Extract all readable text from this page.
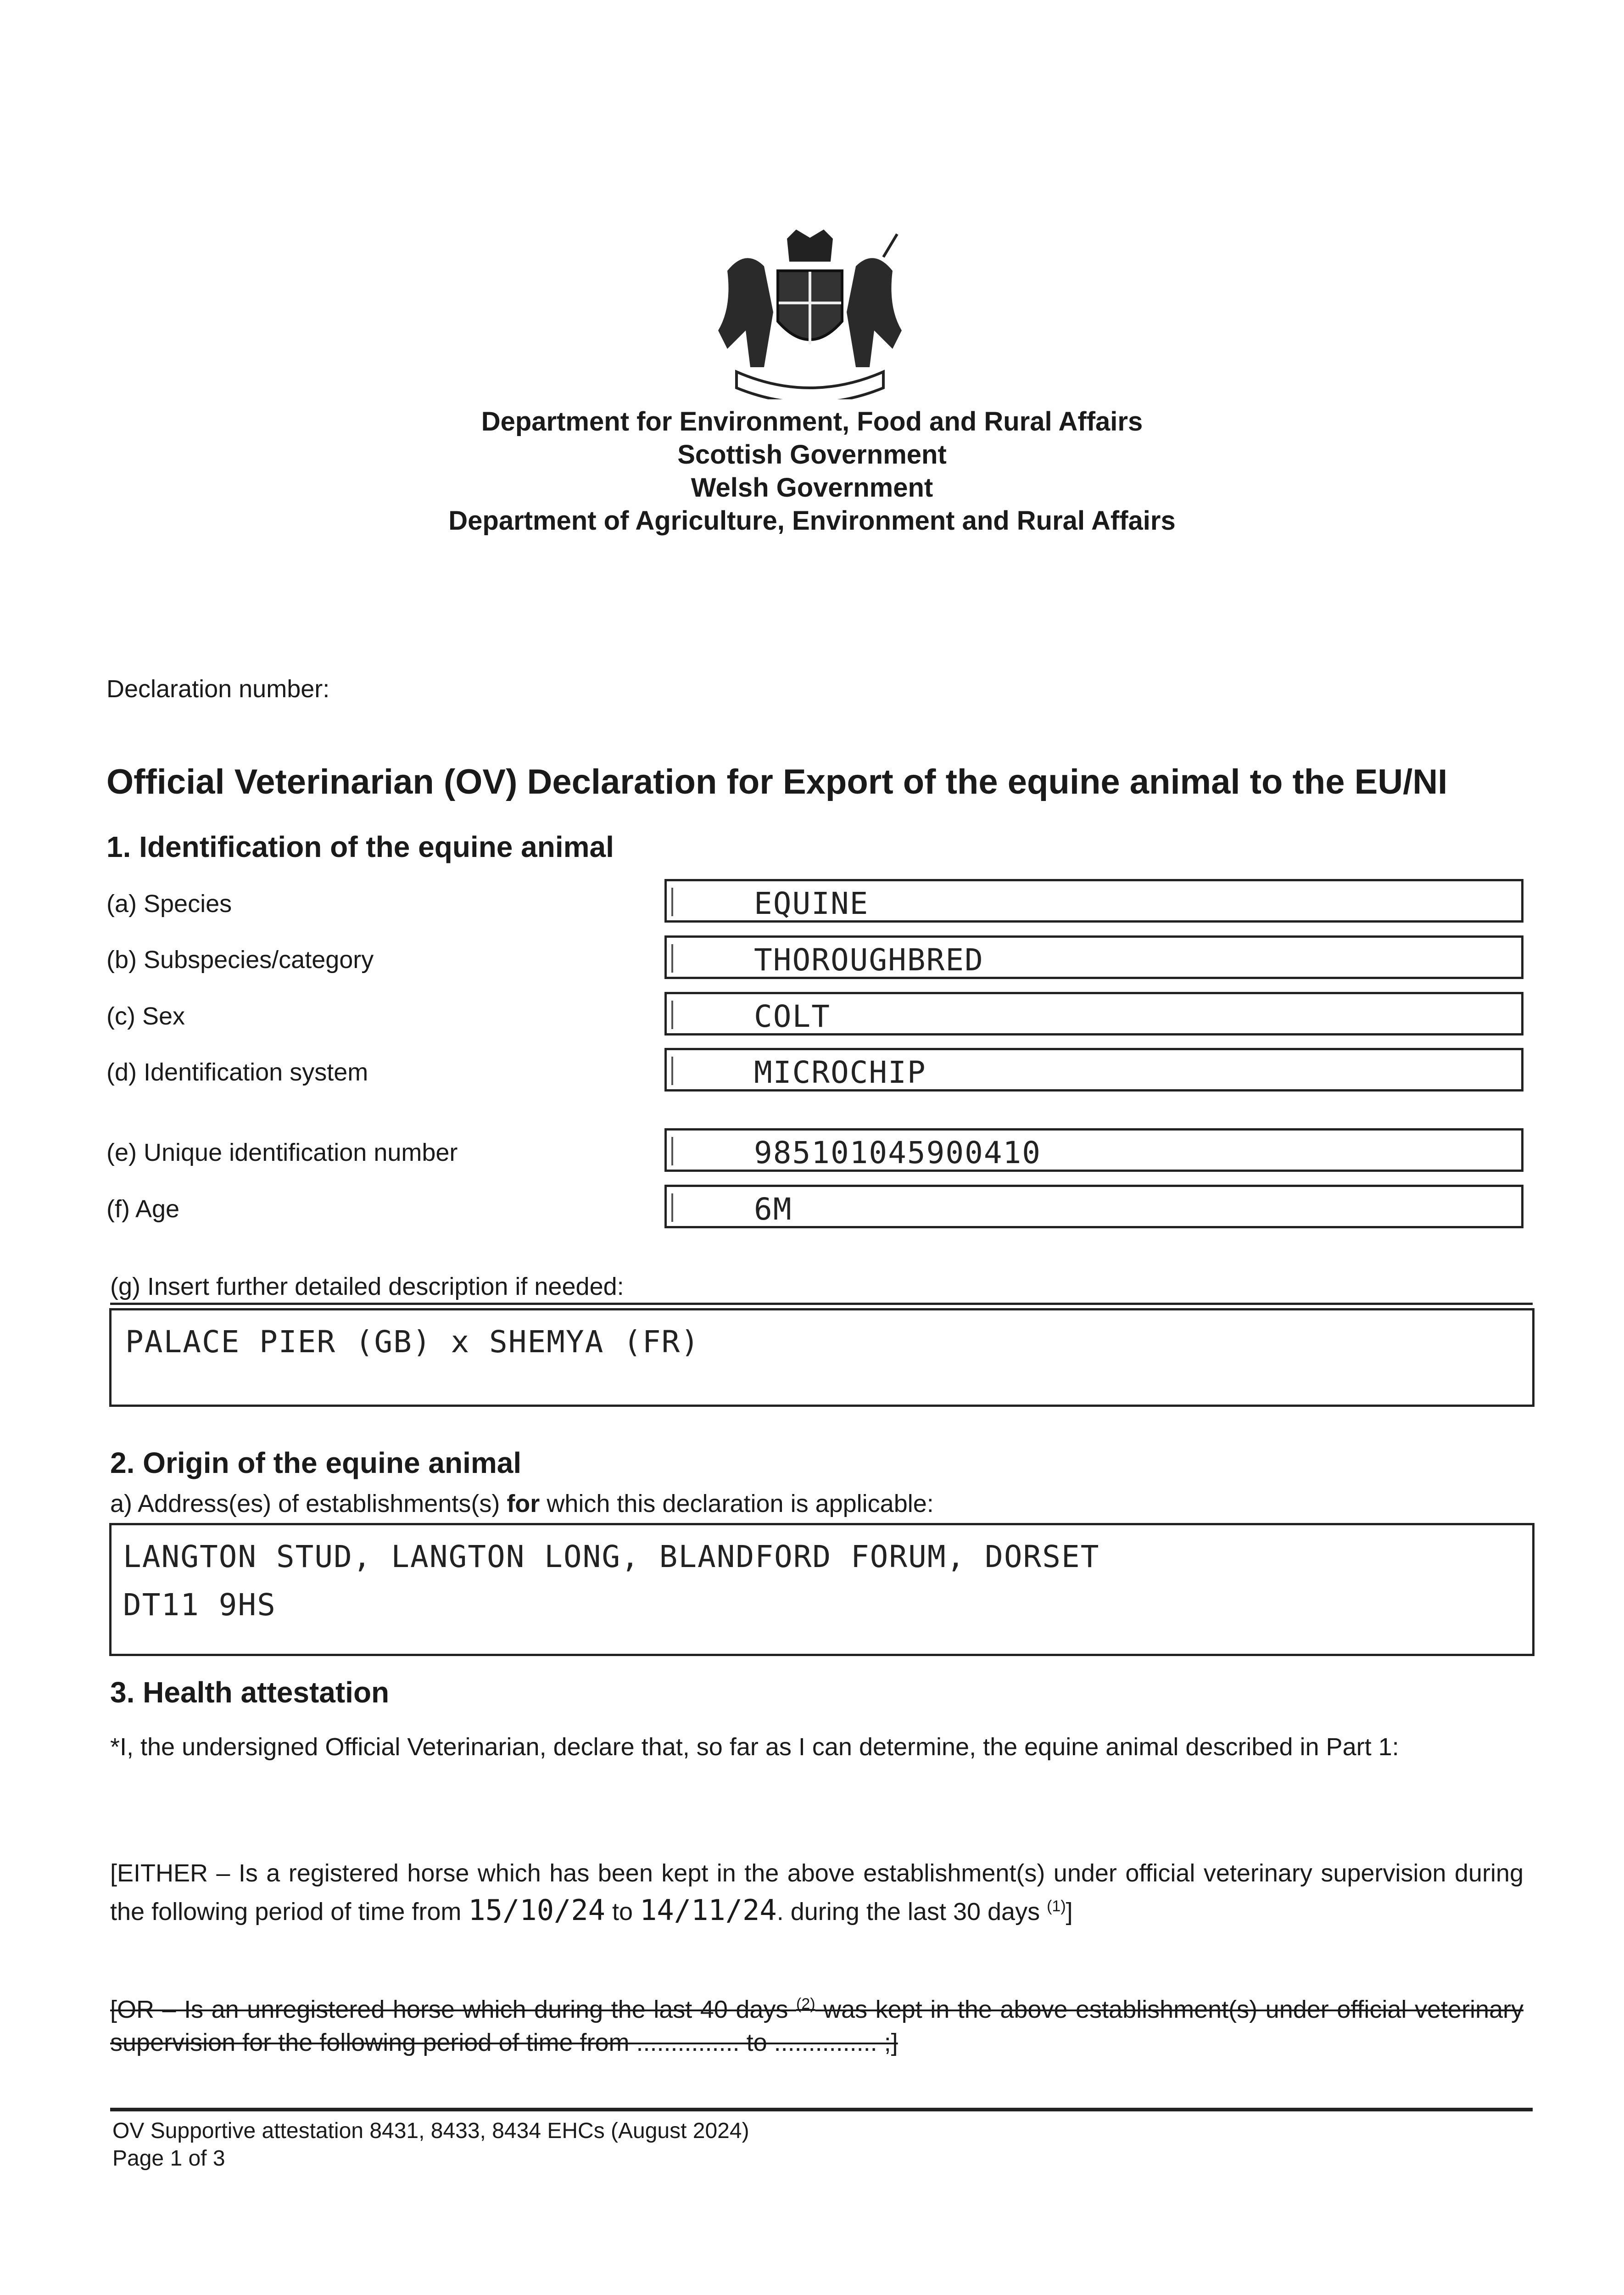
Department for Environment, Food and Rural Affairs
Scottish Government
Welsh Government
Department of Agriculture, Environment and Rural Affairs
Declaration number:
Official Veterinarian (OV) Declaration for Export of the equine animal to the EU/NI
1. Identification of the equine animal
(a) Species	EQUINE
(b) Subspecies/category	THOROUGHBRED
(c) Sex	COLT
(d) Identification system	MICROCHIP
(e) Unique identification number	985101045900410
(f) Age	6M
(g) Insert further detailed description if needed:
PALACE PIER (GB) x SHEMYA (FR)
2. Origin of the equine animal
a) Address(es) of establishments(s) for which this declaration is applicable:
LANGTON STUD, LANGTON LONG, BLANDFORD FORUM, DORSET
DT11 9HS
3. Health attestation
*I, the undersigned Official Veterinarian, declare that, so far as I can determine, the equine animal described in Part 1:
[EITHER – Is a registered horse which has been kept in the above establishment(s) under official veterinary supervision during the following period of time from 15/10/24 to 14/11/24. during the last 30 days $^{(1)}$]
[OR – Is an unregistered horse which during the last 40 days $^{(2)}$ was kept in the above establishment(s) under official veterinary supervision for the following period of time from ............... to ............... ;]
OV Supportive attestation 8431, 8433, 8434 EHCs (August 2024)
Page 1 of 3
